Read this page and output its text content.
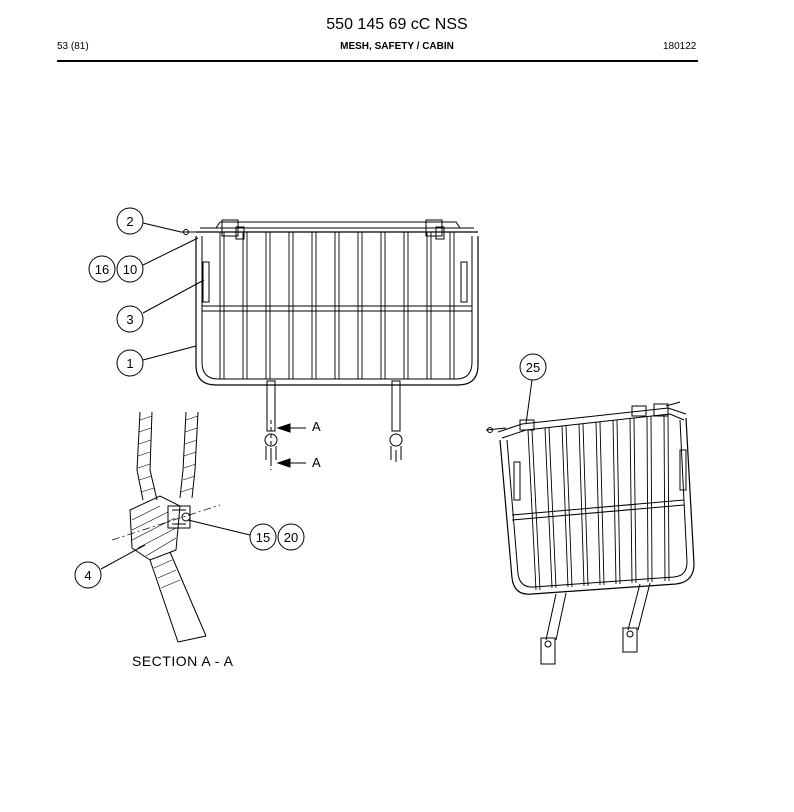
550 145 69 cC NSS
53 (81)	MESH, SAFETY / CABIN	180122
A
A
2
16 10
3
1
4
15 20
25
SECTION A - A
